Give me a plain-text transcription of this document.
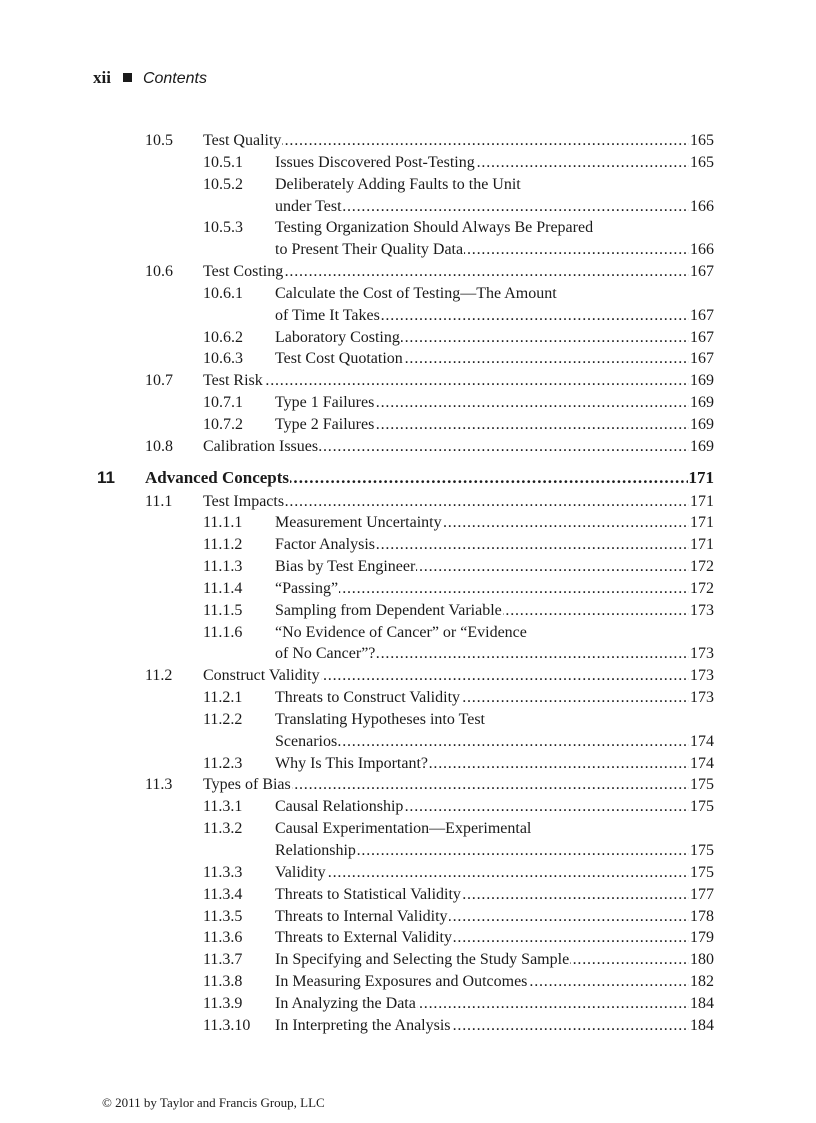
xii Contents
10.5 . . . Test Quality	165
10.5.1 . . . Issues Discovered Post-Testing	165
10.5.2 Deliberately Adding Faults to the Unit
. . .
under Test	166
10.5.3 Testing Organization Should Always Be Prepared
. . .
to Present Their Quality Data	166
10.6 . . . Test Costing	167
10.6.1 Calculate the Cost of Testing—The Amount
. . .
of Time It Takes	167
10.6.2 . . . Laboratory Costing	167
10.6.3 . . . Test Cost Quotation	167
10.7 . . . Test Risk	169
10.7.1 . . . Type 1 Failures	169
10.7.2 . . . Type 2 Failures	169
10.8 . . . Calibration Issues	169
11 . . . Advanced Concepts	171
11.1 . . . Test Impacts	171
11.1.1 . . . Measurement Uncertainty	171
11.1.2 . . . Factor Analysis	171
11.1.3 . . . Bias by Test Engineer	172
11.1.4 . . . “Passing”	172
11.1.5 . . . Sampling from Dependent Variable	173
11.1.6 “No Evidence of Cancer” or “Evidence
. . .
of No Cancer”?	173
11.2 . . . Construct Validity	173
11.2.1 . . . Threats to Construct Validity	173
11.2.2 Translating Hypotheses into Test
. . .
Scenarios	174
11.2.3 . . . Why Is This Important?	174
11.3 . . . Types of Bias	175
11.3.1 . . . Causal Relationship	175
11.3.2 Causal Experimentation—Experimental
. . .
Relationship	175
11.3.3 . . . Validity	175
11.3.4 . . . Threats to Statistical Validity	177
11.3.5 . . . Threats to Internal Validity	178
11.3.6 . . . Threats to External Validity	179
11.3.7 . . . In Specifying and Selecting the Study Sample	180
11.3.8 . . . In Measuring Exposures and Outcomes	182
11.3.9 . . . In Analyzing the Data	184
11.3.10 . . . In Interpreting the Analysis	184
© 2011 by Taylor and Francis Group, LLC
